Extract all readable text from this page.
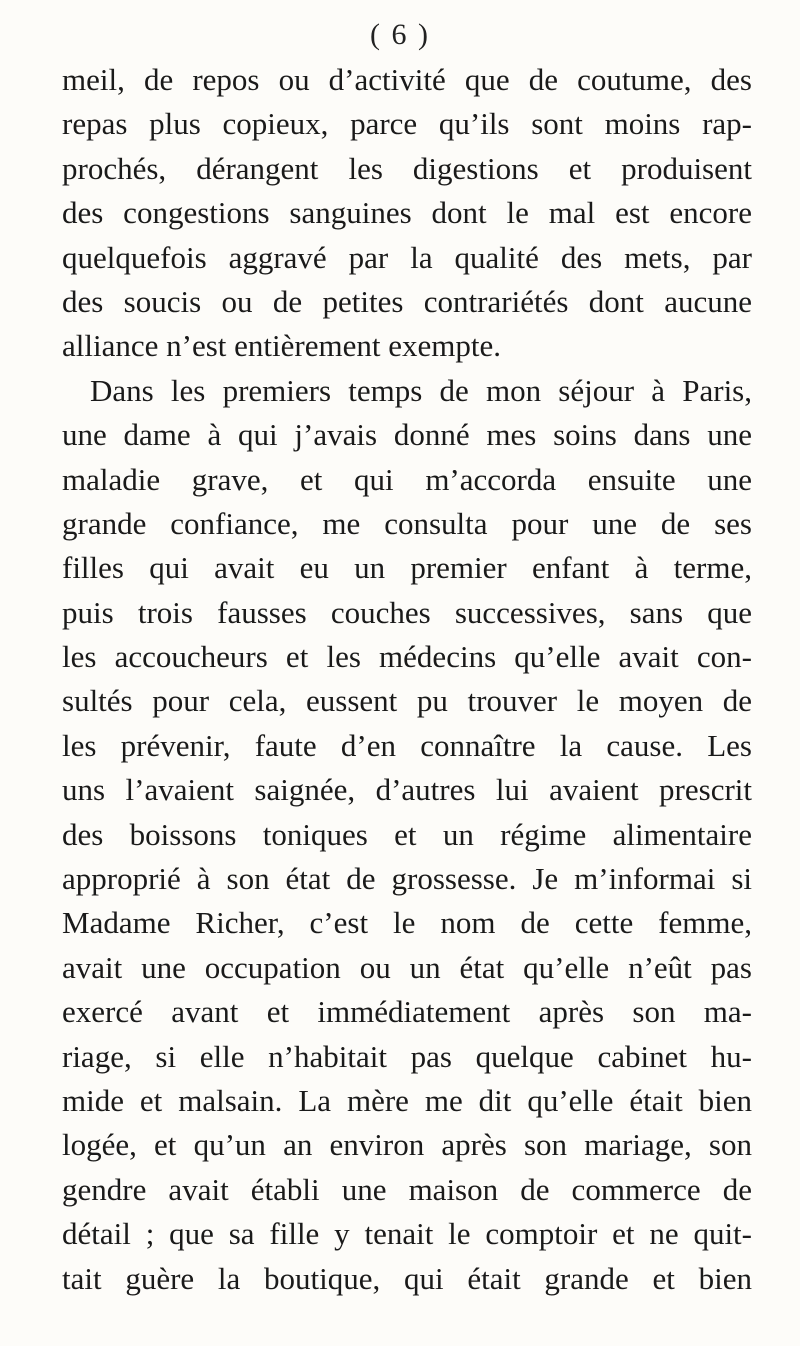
( 6 )
meil, de repos ou d’activité que de coutume, des
repas plus copieux, parce qu’ils sont moins rap-
prochés, dérangent les digestions et produisent
des congestions sanguines dont le mal est encore
quelquefois aggravé par la qualité des mets, par
des soucis ou de petites contrariétés dont aucune
alliance n’est entièrement exempte.
Dans les premiers temps de mon séjour à Paris,
une dame à qui j’avais donné mes soins dans une
maladie grave, et qui m’accorda ensuite une
grande confiance, me consulta pour une de ses
filles qui avait eu un premier enfant à terme,
puis trois fausses couches successives, sans que
les accoucheurs et les médecins qu’elle avait con-
sultés pour cela, eussent pu trouver le moyen de
les prévenir, faute d’en connaître la cause. Les
uns l’avaient saignée, d’autres lui avaient prescrit
des boissons toniques et un régime alimentaire
approprié à son état de grossesse. Je m’informai si
Madame Richer, c’est le nom de cette femme,
avait une occupation ou un état qu’elle n’eût pas
exercé avant et immédiatement après son ma-
riage, si elle n’habitait pas quelque cabinet hu-
mide et malsain. La mère me dit qu’elle était bien
logée, et qu’un an environ après son mariage, son
gendre avait établi une maison de commerce de
détail ; que sa fille y tenait le comptoir et ne quit-
tait guère la boutique, qui était grande et bien
